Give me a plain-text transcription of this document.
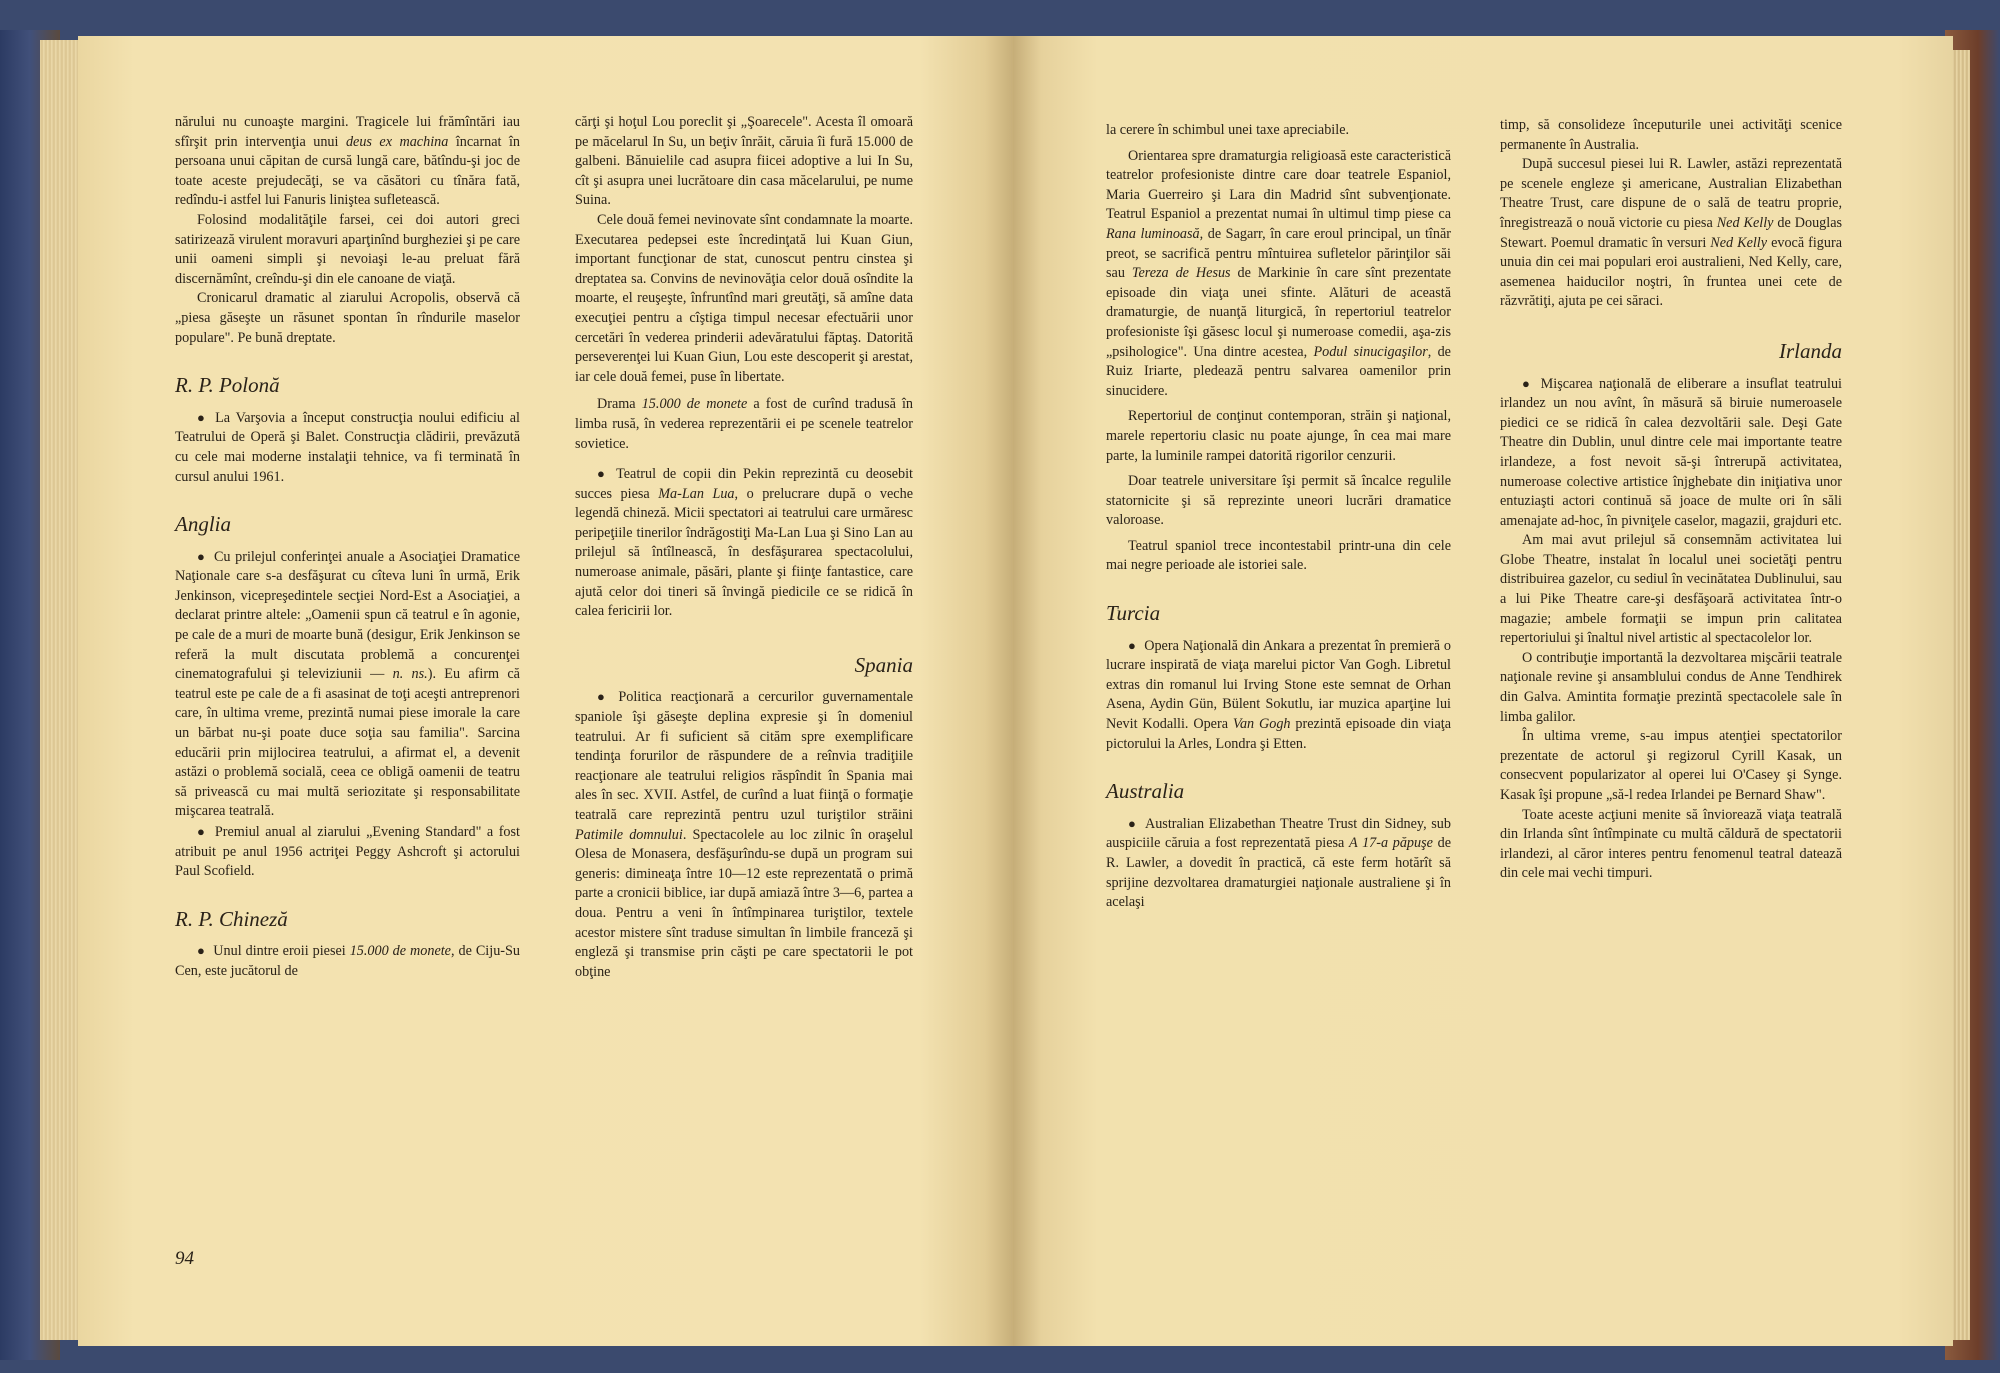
nărului nu cunoaşte margini. Tragicele lui frămîntări iau sfîrşit prin intervenţia unui deus ex machina încarnat în persoana unui căpitan de cursă lungă care, bătîndu-şi joc de toate aceste prejudecăţi, se va căsători cu tînăra fată, redîndu-i astfel lui Fanuris liniştea sufletească.

Folosind modalităţile farsei, cei doi autori greci satirizează virulent moravuri aparţinînd burgheziei şi pe care unii oameni simpli şi nevoiaşi le-au preluat fără discernămînt, creîndu-şi din ele canoane de viaţă.

Cronicarul dramatic al ziarului Acropolis, observă că „piesa găseşte un răsunet spontan în rîndurile maselor populare". Pe bună dreptate.

R. P. Polonă

● La Varşovia a început construcţia noului edificiu al Teatrului de Operă şi Balet. Construcţia clădirii, prevăzută cu cele mai moderne instalaţii tehnice, va fi terminată în cursul anului 1961.

Anglia

● Cu prilejul conferinţei anuale a Asociaţiei Dramatice Naţionale care s-a desfăşurat cu cîteva luni în urmă, Erik Jenkinson, vicepreşedintele secţiei Nord-Est a Asociaţiei, a declarat printre altele: „Oamenii spun că teatrul e în agonie, pe cale de a muri de moarte bună (desigur, Erik Jenkinson se referă la mult discutata problemă a concurenţei cinematografului şi televiziunii — n. ns.). Eu afirm că teatrul este pe cale de a fi asasinat de toţi aceşti antreprenori care, în ultima vreme, prezintă numai piese imorale la care un bărbat nu-şi poate duce soţia sau familia". Sarcina educării prin mijlocirea teatrului, a afirmat el, a devenit astăzi o problemă socială, ceea ce obligă oamenii de teatru să privească cu mai multă seriozitate şi responsabilitate mişcarea teatrală.

● Premiul anual al ziarului „Evening Standard" a fost atribuit pe anul 1956 actriţei Peggy Ashcroft şi actorului Paul Scofield.

R. P. Chineză

● Unul dintre eroii piesei 15.000 de monete, de Ciju-Su Cen, este jucătorul de

cărţi şi hoţul Lou poreclit şi „Şoarecele". Acesta îl omoară pe măcelarul In Su, un beţiv înrăit, căruia îi fură 15.000 de galbeni. Bănuielile cad asupra fiicei adoptive a lui In Su, cît şi asupra unei lucrătoare din casa măcelarului, pe nume Suina.

Cele două femei nevinovate sînt condamnate la moarte. Executarea pedepsei este încredinţată lui Kuan Giun, important funcţionar de stat, cunoscut pentru cinstea şi dreptatea sa. Convins de nevinovăţia celor două osîndite la moarte, el reuşeşte, înfruntînd mari greutăţi, să amîne data execuţiei pentru a cîştiga timpul necesar efectuării unor cercetări în vederea prinderii adevăratului făptaş. Datorită perseverenţei lui Kuan Giun, Lou este descoperit şi arestat, iar cele două femei, puse în libertate.

Drama 15.000 de monete a fost de curînd tradusă în limba rusă, în vederea reprezentării ei pe scenele teatrelor sovietice.

● Teatrul de copii din Pekin reprezintă cu deosebit succes piesa Ma-Lan Lua, o prelucrare după o veche legendă chineză. Micii spectatori ai teatrului care urmăresc peripeţiile tinerilor îndrăgostiţi Ma-Lan Lua şi Sino Lan au prilejul să întîlnească, în desfăşurarea spectacolului, numeroase animale, păsări, plante şi fiinţe fantastice, care ajută celor doi tineri să învingă piedicile ce se ridică în calea fericirii lor.

Spania

● Politica reacţionară a cercurilor guvernamentale spaniole îşi găseşte deplina expresie şi în domeniul teatrului. Ar fi suficient să cităm spre exemplificare tendinţa forurilor de răspundere de a reînvia tradiţiile reacţionare ale teatrului religios răspîndit în Spania mai ales în sec. XVII. Astfel, de curînd a luat fiinţă o formaţie teatrală care reprezintă pentru uzul turiştilor străini Patimile domnului. Spectacolele au loc zilnic în oraşelul Olesa de Monasera, desfăşurîndu-se după un program sui generis: dimineaţa între 10—12 este reprezentată o primă parte a cronicii biblice, iar după amiază între 3—6, partea a doua. Pentru a veni în întîmpinarea turiştilor, textele acestor mistere sînt traduse simultan în limbile franceză şi engleză şi transmise prin căşti pe care spectatorii le pot obţine

la cerere în schimbul unei taxe apreciabile.

Orientarea spre dramaturgia religioasă este caracteristică teatrelor profesioniste dintre care doar teatrele Espaniol, Maria Guerreiro şi Lara din Madrid sînt subvenţionate. Teatrul Espaniol a prezentat numai în ultimul timp piese ca Rana luminoasă, de Sagarr, în care eroul principal, un tînăr preot, se sacrifică pentru mîntuirea sufletelor părinţilor săi sau Tereza de Hesus de Markinie în care sînt prezentate episoade din viaţa unei sfinte. Alături de această dramaturgie, de nuanţă liturgică, în repertoriul teatrelor profesioniste îşi găsesc locul şi numeroase comedii, aşa-zis „psihologice". Una dintre acestea, Podul sinucigaşilor, de Ruiz Iriarte, pledează pentru salvarea oamenilor prin sinucidere.

Repertoriul de conţinut contemporan, străin şi naţional, marele repertoriu clasic nu poate ajunge, în cea mai mare parte, la luminile rampei datorită rigorilor cenzurii.

Doar teatrele universitare îşi permit să încalce regulile statornicite şi să reprezinte uneori lucrări dramatice valoroase.

Teatrul spaniol trece incontestabil printr-una din cele mai negre perioade ale istoriei sale.

Turcia

● Opera Naţională din Ankara a prezentat în premieră o lucrare inspirată de viaţa marelui pictor Van Gogh. Libretul extras din romanul lui Irving Stone este semnat de Orhan Asena, Aydin Gün, Bülent Sokutlu, iar muzica aparţine lui Nevit Kodalli. Opera Van Gogh prezintă episoade din viaţa pictorului la Arles, Londra şi Etten.

Australia

● Australian Elizabethan Theatre Trust din Sidney, sub auspiciile căruia a fost reprezentată piesa A 17-a păpuşe de R. Lawler, a dovedit în practică, că este ferm hotărît să sprijine dezvoltarea dramaturgiei naţionale australiene şi în acelaşi

timp, să consolideze începuturile unei activităţi scenice permanente în Australia.

După succesul piesei lui R. Lawler, astăzi reprezentată pe scenele engleze şi americane, Australian Elizabethan Theatre Trust, care dispune de o sală de teatru proprie, înregistrează o nouă victorie cu piesa Ned Kelly de Douglas Stewart. Poemul dramatic în versuri Ned Kelly evocă figura unuia din cei mai populari eroi australieni, Ned Kelly, care, asemenea haiducilor noştri, în fruntea unei cete de răzvrătiţi, ajuta pe cei săraci.

Irlanda

● Mişcarea naţională de eliberare a insuflat teatrului irlandez un nou avînt, în măsură să biruie numeroasele piedici ce se ridică în calea dezvoltării sale. Deşi Gate Theatre din Dublin, unul dintre cele mai importante teatre irlandeze, a fost nevoit să-şi întrerupă activitatea, numeroase colective artistice înjghebate din iniţiativa unor entuziaşti actori continuă să joace de multe ori în săli amenajate ad-hoc, în pivniţele caselor, magazii, grajduri etc.

Am mai avut prilejul să consemnăm activitatea lui Globe Theatre, instalat în localul unei societăţi pentru distribuirea gazelor, cu sediul în vecinătatea Dublinului, sau a lui Pike Theatre care-şi desfăşoară activitatea într-o magazie; ambele formaţii se impun prin calitatea repertoriului şi înaltul nivel artistic al spectacolelor lor.

O contribuţie importantă la dezvoltarea mişcării teatrale naţionale revine şi ansamblului condus de Anne Tendhirek din Galva. Amintita formaţie prezintă spectacolele sale în limba galilor.

În ultima vreme, s-au impus atenţiei spectatorilor prezentate de actorul şi regizorul Cyrill Kasak, un consecvent popularizator al operei lui O'Casey şi Synge. Kasak îşi propune „să-l redea Irlandei pe Bernard Shaw".

Toate aceste acţiuni menite să înviorează viaţa teatrală din Irlanda sînt întîmpinate cu multă căldură de spectatorii irlandezi, al căror interes pentru fenomenul teatral datează din cele mai vechi timpuri.

94
